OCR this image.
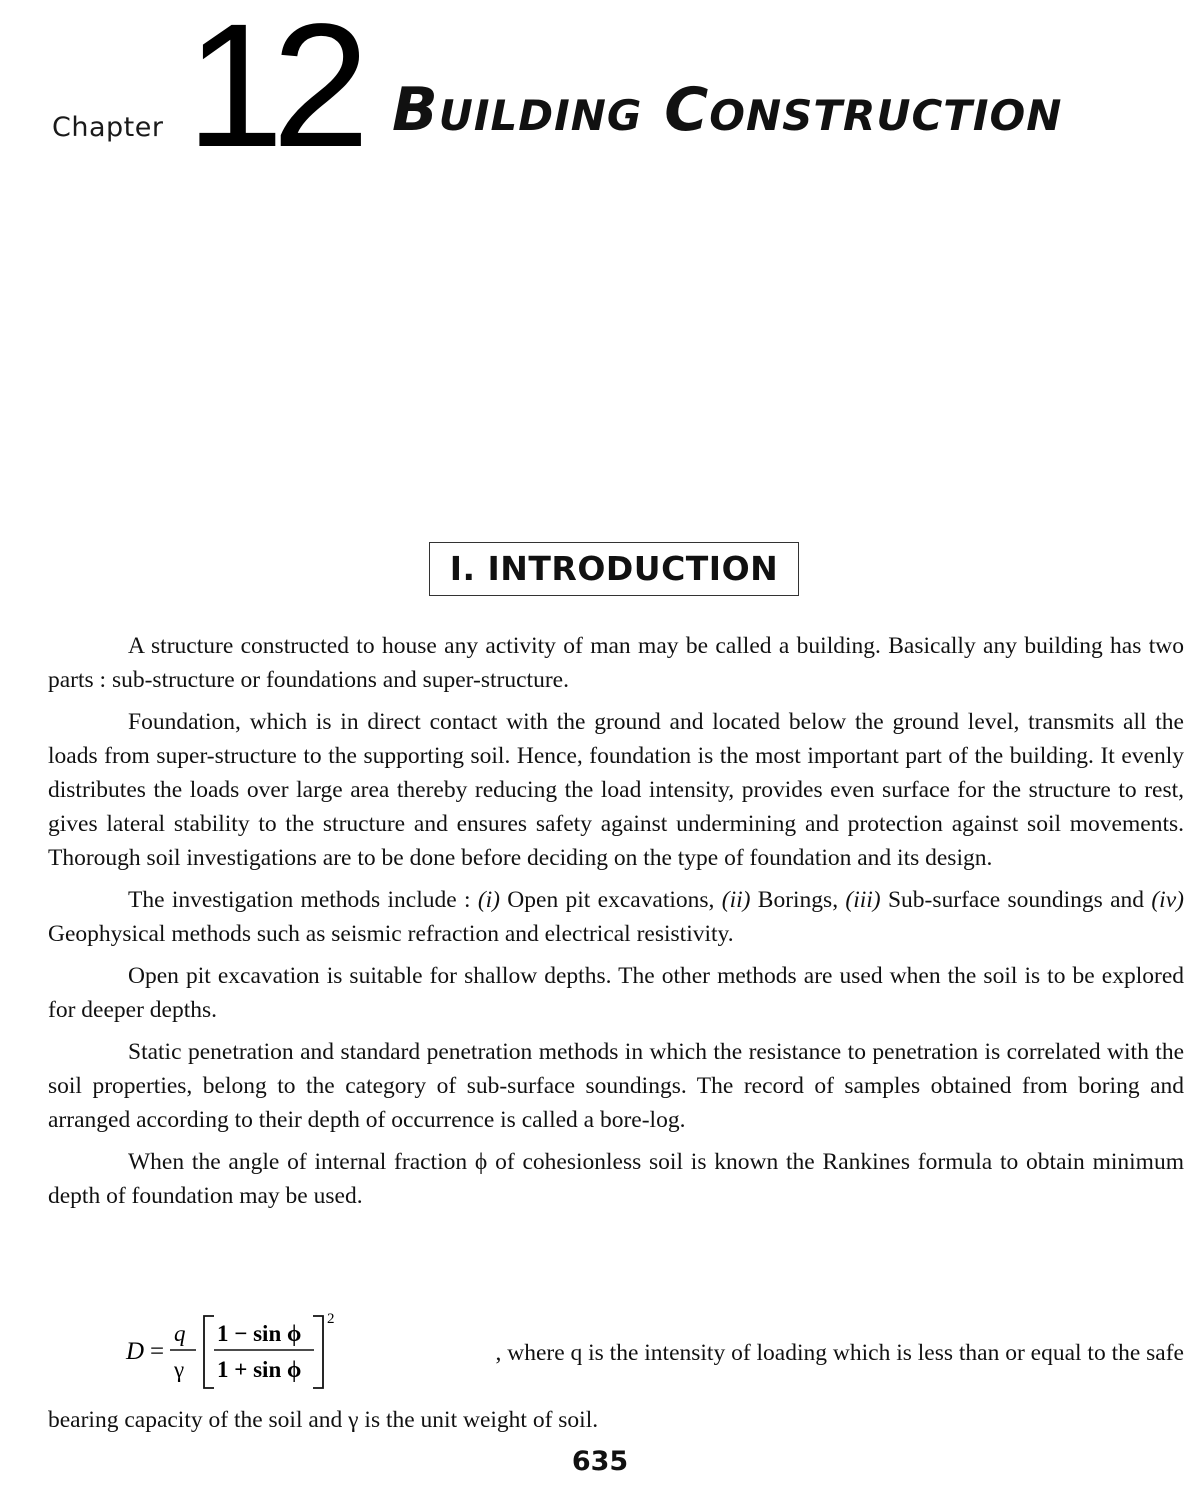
Chapter 12 Building Construction
I. INTRODUCTION

A structure constructed to house any activity of man may be called a building. Basically any building has two parts : sub-structure or foundations and super-structure.

Foundation, which is in direct contact with the ground and located below the ground level, transmits all the loads from super-structure to the supporting soil. Hence, foundation is the most important part of the building. It evenly distributes the loads over large area thereby reducing the load intensity, provides even surface for the structure to rest, gives lateral stability to the structure and ensures safety against undermining and protection against soil movements. Thorough soil investigations are to be done before deciding on the type of foundation and its design.

The investigation methods include : (i) Open pit excavations, (ii) Borings, (iii) Sub-surface soundings and (iv) Geophysical methods such as seismic refraction and electrical resistivity.

Open pit excavation is suitable for shallow depths. The other methods are used when the soil is to be explored for deeper depths.

Static penetration and standard penetration methods in which the resistance to penetration is correlated with the soil properties, belong to the category of sub-surface soundings. The record of samples obtained from boring and arranged according to their depth of occurrence is called a bore-log.

When the angle of internal fraction ϕ of cohesionless soil is known the Rankines formula to obtain minimum depth of foundation may be used.

D =
q
γ
1 − sin ϕ
1 + sin ϕ
2
, where q is the intensity of loading which is less than or equal to the safe
bearing capacity of the soil and γ is the unit weight of soil.
635
